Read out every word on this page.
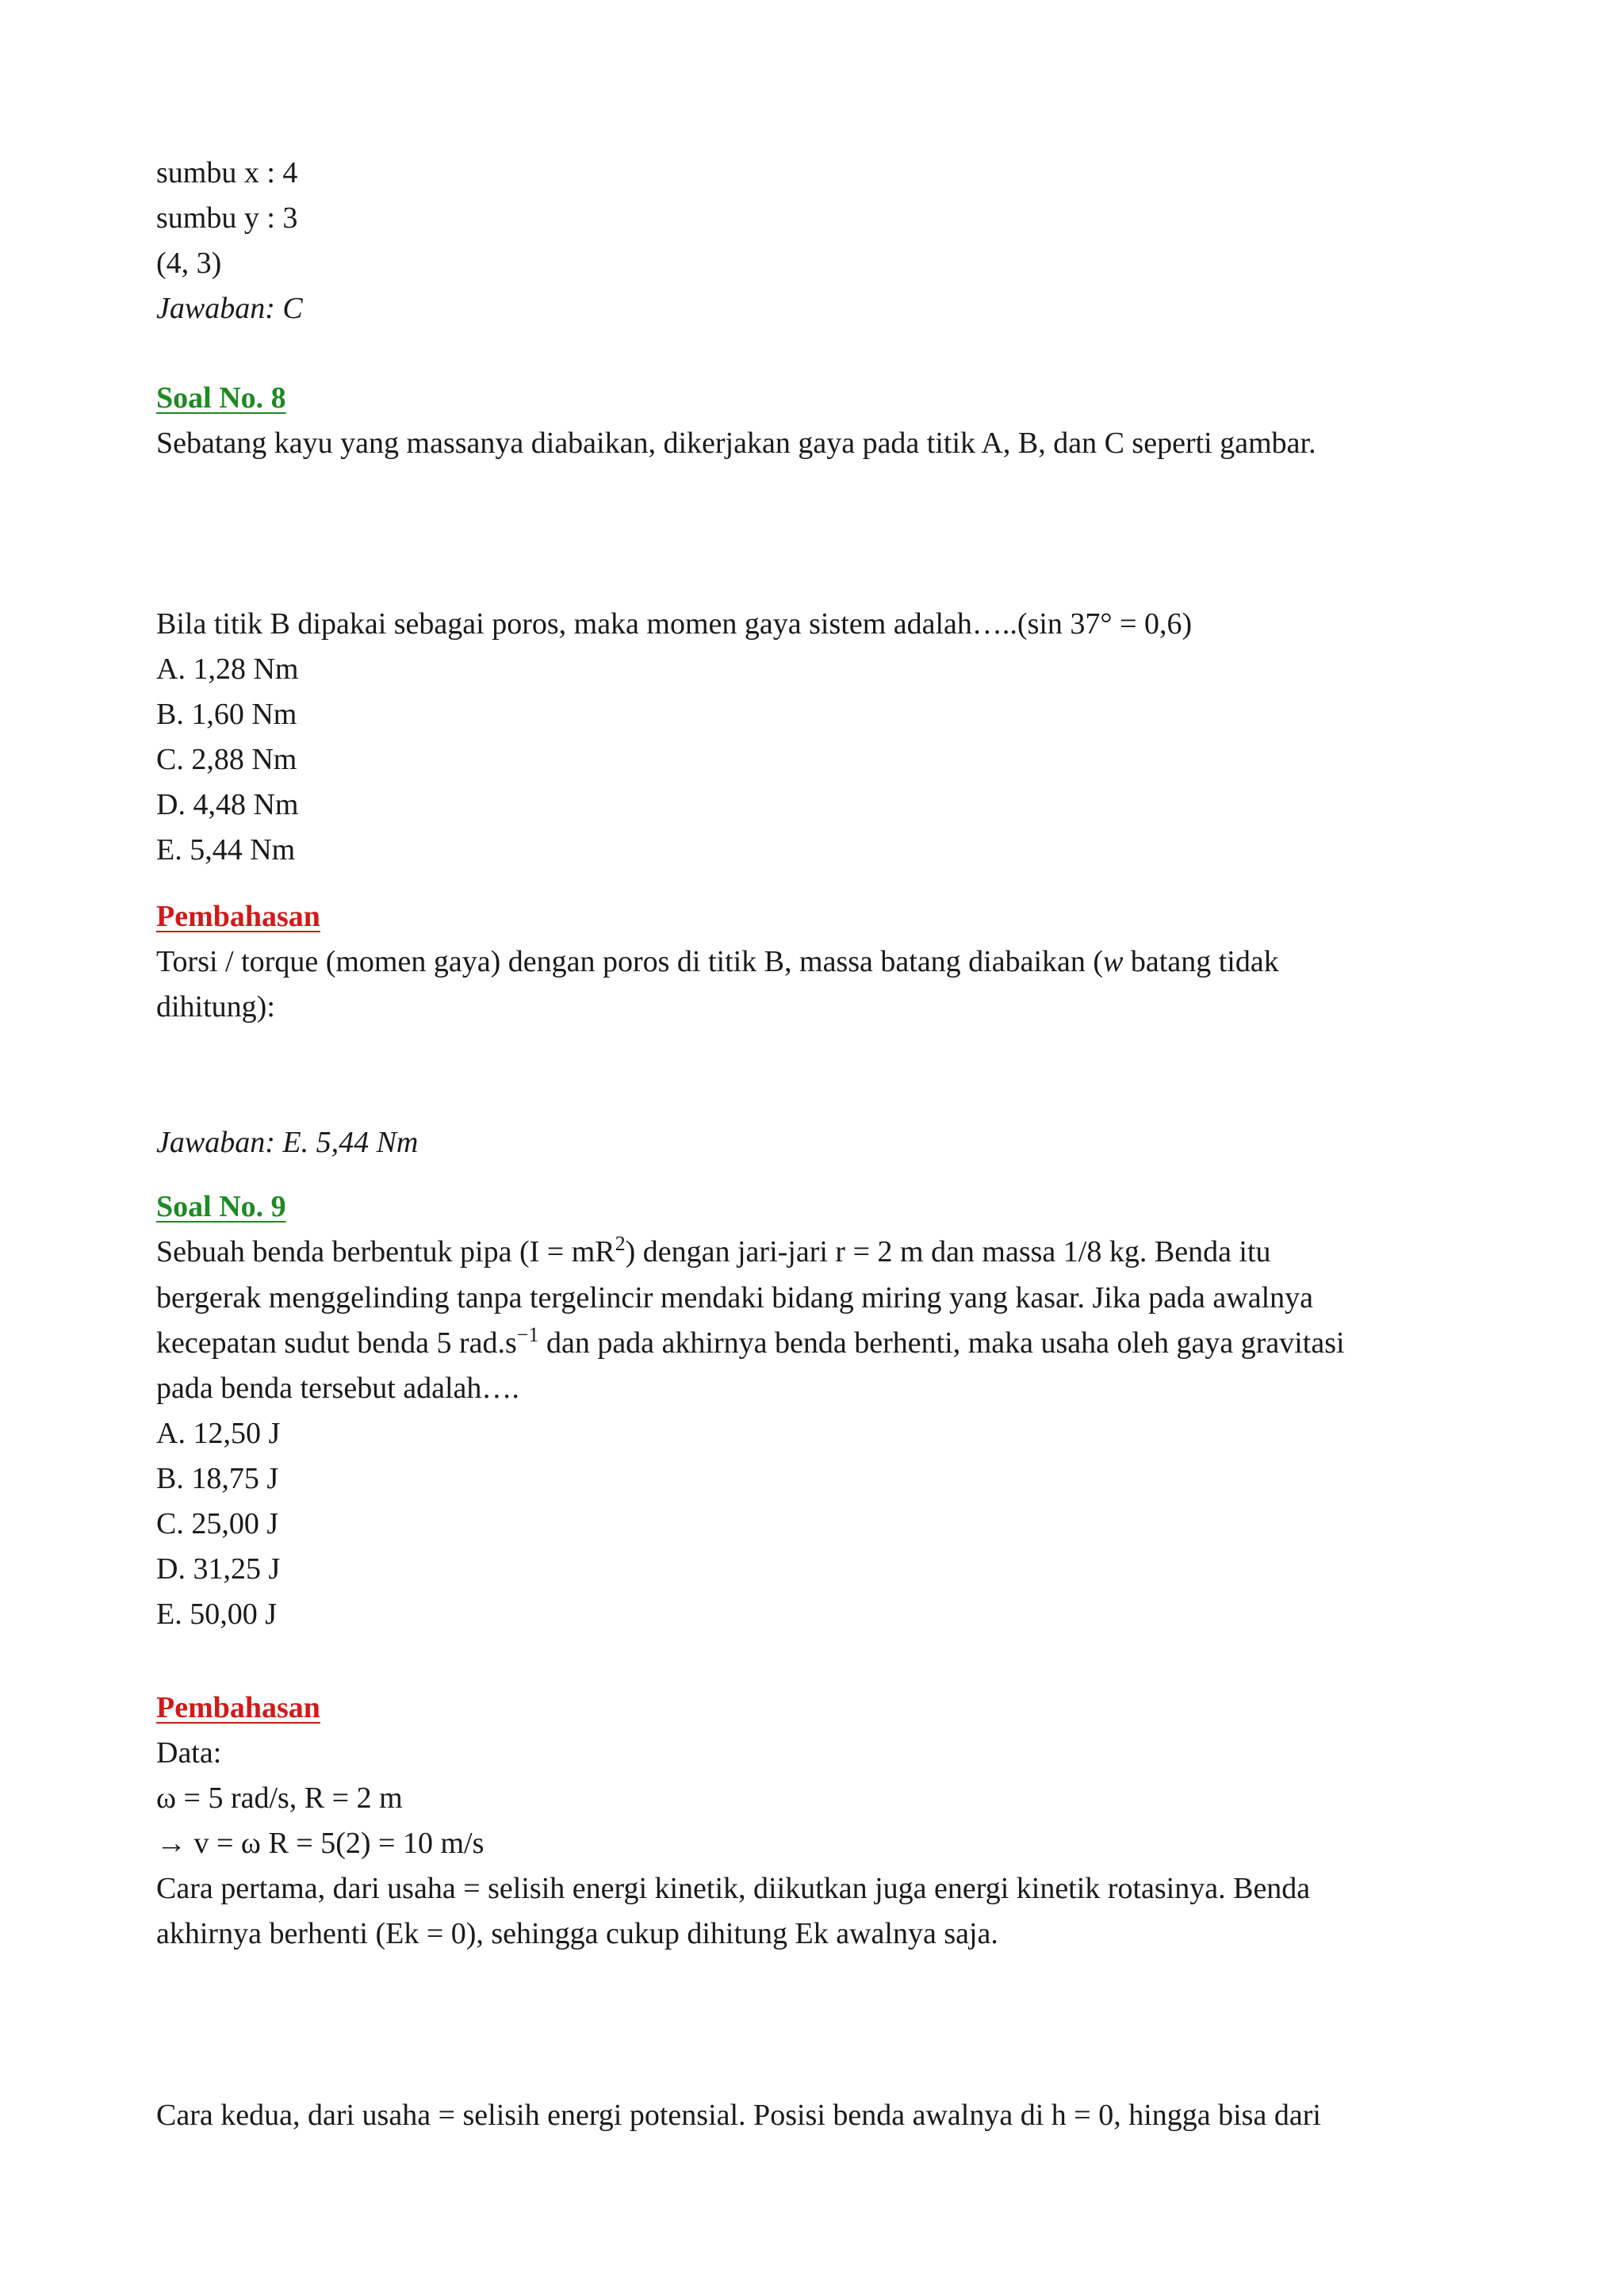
sumbu x : 4

sumbu y : 3

(4, 3)

Jawaban: C

Soal No. 8

Sebatang kayu yang massanya diabaikan, dikerjakan gaya pada titik A, B, dan C seperti gambar.

Bila titik B dipakai sebagai poros, maka momen gaya sistem adalah…..(sin 37° = 0,6)

A. 1,28 Nm

B. 1,60 Nm

C. 2,88 Nm

D. 4,48 Nm

E. 5,44 Nm

Pembahasan

Torsi / torque (momen gaya) dengan poros di titik B, massa batang diabaikan (w batang tidak

dihitung):

Jawaban: E. 5,44 Nm

Soal No. 9

Sebuah benda berbentuk pipa $(I = mR^2)$ dengan jari-jari r = 2 m dan massa 1/8 kg. Benda itu

bergerak menggelinding tanpa tergelincir mendaki bidang miring yang kasar. Jika pada awalnya

kecepatan sudut benda 5 $rad.s^{-1}$ dan pada akhirnya benda berhenti, maka usaha oleh gaya gravitasi

pada benda tersebut adalah….

A. 12,50 J

B. 18,75 J

C. 25,00 J

D. 31,25 J

E. 50,00 J

Pembahasan

Data:

ω = 5 rad/s, R = 2 m

→ v = ω R = 5(2) = 10 m/s

Cara pertama, dari usaha = selisih energi kinetik, diikutkan juga energi kinetik rotasinya. Benda

akhirnya berhenti (Ek = 0), sehingga cukup dihitung Ek awalnya saja.

Cara kedua, dari usaha = selisih energi potensial. Posisi benda awalnya di h = 0, hingga bisa dari
